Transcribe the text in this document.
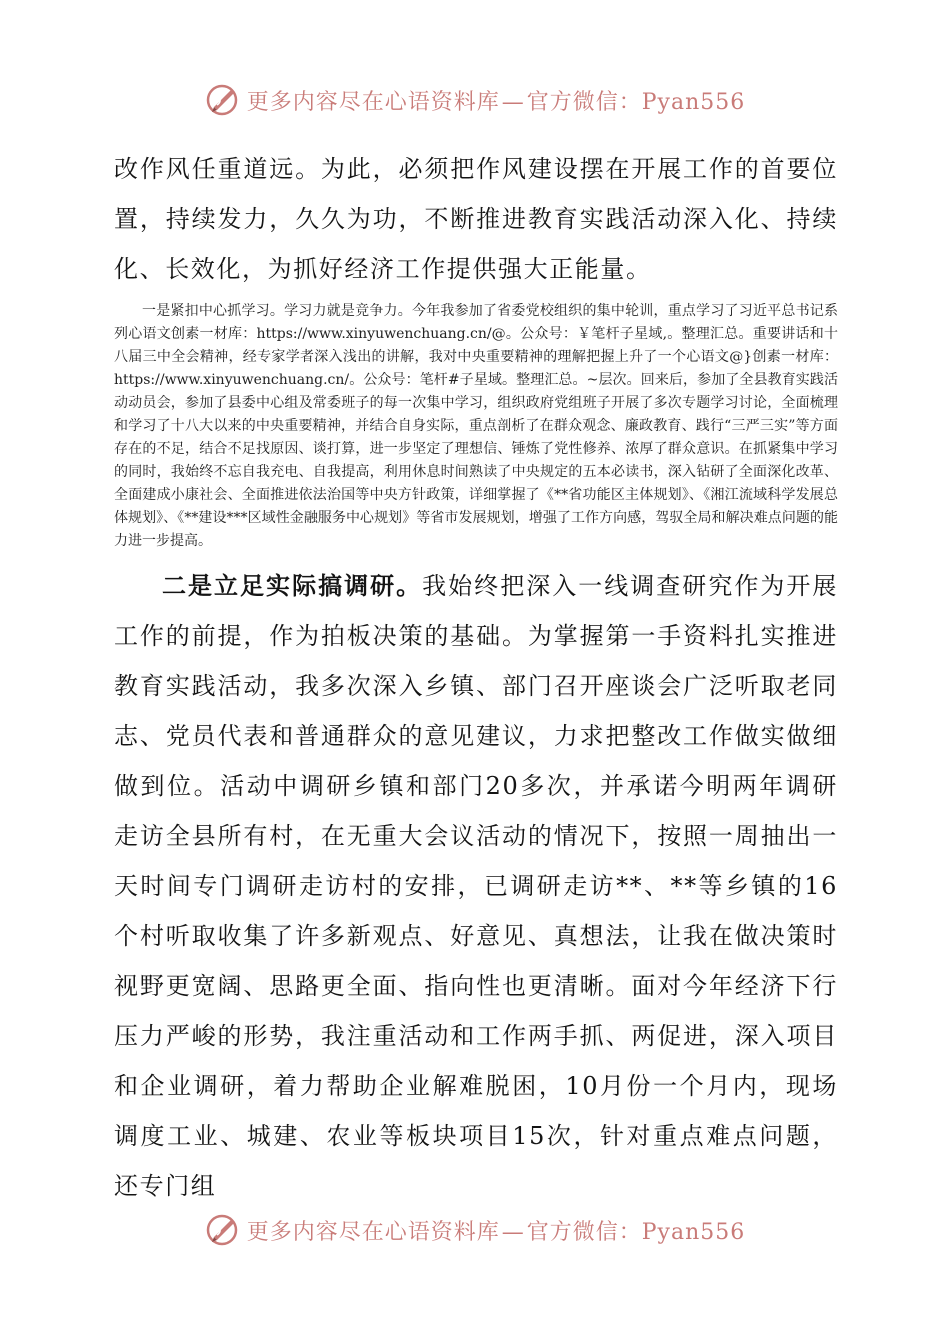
更多内容尽在心语资料库—官方微信：Pyan556

改作风任重道远。为此，必须把作风建设摆在开展工作的首要位置，持续发力，久久为功，不断推进教育实践活动深入化、持续化、长效化，为抓好经济工作提供强大正能量。

一是紧扣中心抓学习。学习力就是竞争力。今年我参加了省委党校组织的集中轮训，重点学习了习近平总书记系列心语文创素一材库：https://www.xinyuwenchuang.cn/@。公众号：￥笔杆子星域,。整理汇总。重要讲话和十八届三中全会精神，经专家学者深入浅出的讲解，我对中央重要精神的理解把握上升了一个心语文@}创素一材库：https://www.xinyuwenchuang.cn/。公众号：笔杆#子星域。整理汇总。~层次。回来后，参加了全县教育实践活动动员会，参加了县委中心组及常委班子的每一次集中学习，组织政府党组班子开展了多次专题学习讨论，全面梳理和学习了十八大以来的中央重要精神，并结合自身实际，重点剖析了在群众观念、廉政教育、践行“三严三实”等方面存在的不足，结合不足找原因、谈打算，进一步坚定了理想信、锤炼了党性修养、浓厚了群众意识。在抓紧集中学习的同时，我始终不忘自我充电、自我提高，利用休息时间熟读了中央规定的五本必读书，深入钻研了全面深化改革、全面建成小康社会、全面推进依法治国等中央方针政策，详细掌握了《**省功能区主体规划》、《湘江流域科学发展总体规划》、《**建设***区域性金融服务中心规划》等省市发展规划，增强了工作方向感，驾驭全局和解决难点问题的能力进一步提高。

二是立足实际搞调研。我始终把深入一线调查研究作为开展工作的前提，作为拍板决策的基础。为掌握第一手资料扎实推进教育实践活动，我多次深入乡镇、部门召开座谈会广泛听取老同志、党员代表和普通群众的意见建议，力求把整改工作做实做细做到位。活动中调研乡镇和部门20多次，并承诺今明两年调研走访全县所有村，在无重大会议活动的情况下，按照一周抽出一天时间专门调研走访村的安排，已调研走访**、**等乡镇的16个村听取收集了许多新观点、好意见、真想法，让我在做决策时视野更宽阔、思路更全面、指向性也更清晰。面对今年经济下行压力严峻的形势，我注重活动和工作两手抓、两促进，深入项目和企业调研，着力帮助企业解难脱困，10月份一个月内，现场调度工业、城建、农业等板块项目15次，针对重点难点问题，还专门组

更多内容尽在心语资料库—官方微信：Pyan556
